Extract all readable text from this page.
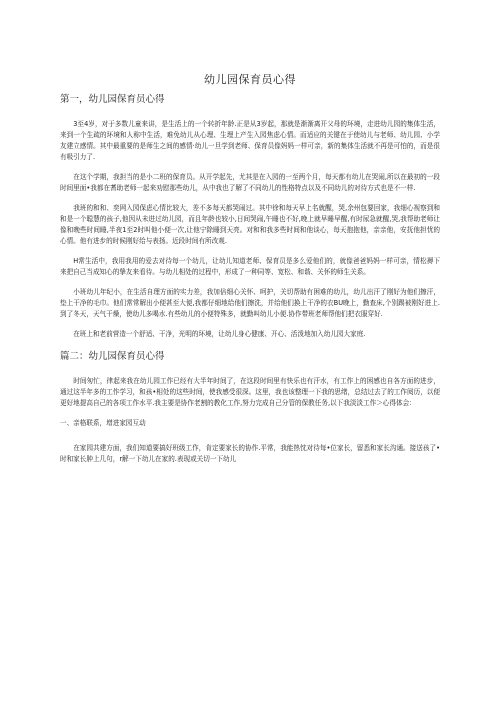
幼儿园保育员心得
第一，幼儿园保育员心得

3至4岁，对于多数儿童来讲，是生活上的一个转折年龄.正是从3岁起，那就是渐渐离开父母的环境，走进幼儿园的集体生活，来到一个生疏的环境和人称中生活，难免幼儿从心理、生理上产生入园焦虑心情。而适应的关键在于使幼儿与老师、幼儿园、小学友建立感情。其中最重要的是师生之间的感情·幼儿一旦学到老师、保育员像妈妈一样可亲，新的集体生活就不再是可怕的，而是很有吸引力了.

在这个学期，我担当的是小二班的保育员。从开学起先，尤其是在入园的一至两个月，每天都有幼儿在哭闹,所以在最初的一段时间里面•我都在耆助老师一起来劝慰那些幼儿，从中我也了解了不同幼儿的性格特点以及不同幼儿的对待方式也是不一样.

我班的和和、奕网入园保虑心情比较大，差不多每天都哭闹过。其中徐和每天早上名就醒，哭,余州包要回家，我细心视察到和和是一个聪慧的孩子,他因从未进过幼儿园，而且年龄也较小,日间哭闹,午睡也不好,晚上就早睡早醒,有时尿急就醒,哭,我帮助老师让像和晚些时间睡,半夜1至2时叫他小便一次,让他宁除睡到天亮。对和和我多些时间和他谈心，每天抱抱他，亲亲他，安抚他担忧的心情。他有进步的时候刚好给与表扬。近段时间有所改观.

H常生活中，我用我用的爱去对待每一个幼儿，让幼儿知道老师、保育员是多么爱他们的，就像爸爸妈妈一样可亲，情松褥下来把自己当成知心的挚友来看待。与幼儿相处的过程中，形成了一种同等、宽松、和谐、关怀的师生关系。

小班幼儿年纪小，在生活自理方面的实力差，我加倍细心关怀、呵护，关切帮助有困难的幼儿，幼儿出汗了刚好为他们擦汗，垫上干净的毛巾。他们常常解出小便甚至大便,我都仔细地给他们擦洗，并给他们换上干净的衣BU晚上，勤查床,个别踢被刚好进上.到了冬天，天气干燥，使幼儿多喝水.有些幼儿的小便特殊多，就勤叫幼儿小便.协作带班老师帮他们把衣服穿好.

在班上和老前营造一个舒适、干净，光明的环境，让幼儿身心健康、开心、活泼地加入幼儿园大家庭.

篇二：幼儿园保育员心得

时间匆忙，律起来我在幼儿园工作已经有大半年时间了，在这段时间里有快乐也有汗水，有工作上的困感也自各方面的进步，通过这半年多的工作学习，和孩•相处的这些时间，使我感受很深。这里，我也该整理一下我的思绪，总结过去了的工作阅历，以便更好地提高自己的各项工作水平.我主要是协作老割的教化工作,努力完成自己分管的保教任务,以下我淡淡工作＞心得体会：

一、亲格联系，增进家园互动

在家园共建方面，我们知道要搞好班级工作，肯定要家长的协作.平常，我能热忱对待每•位家长，留悉和家长沟通。接送孩了•时和家长肿上几句，r解一下幼儿在家的.表现或关切一下幼儿
